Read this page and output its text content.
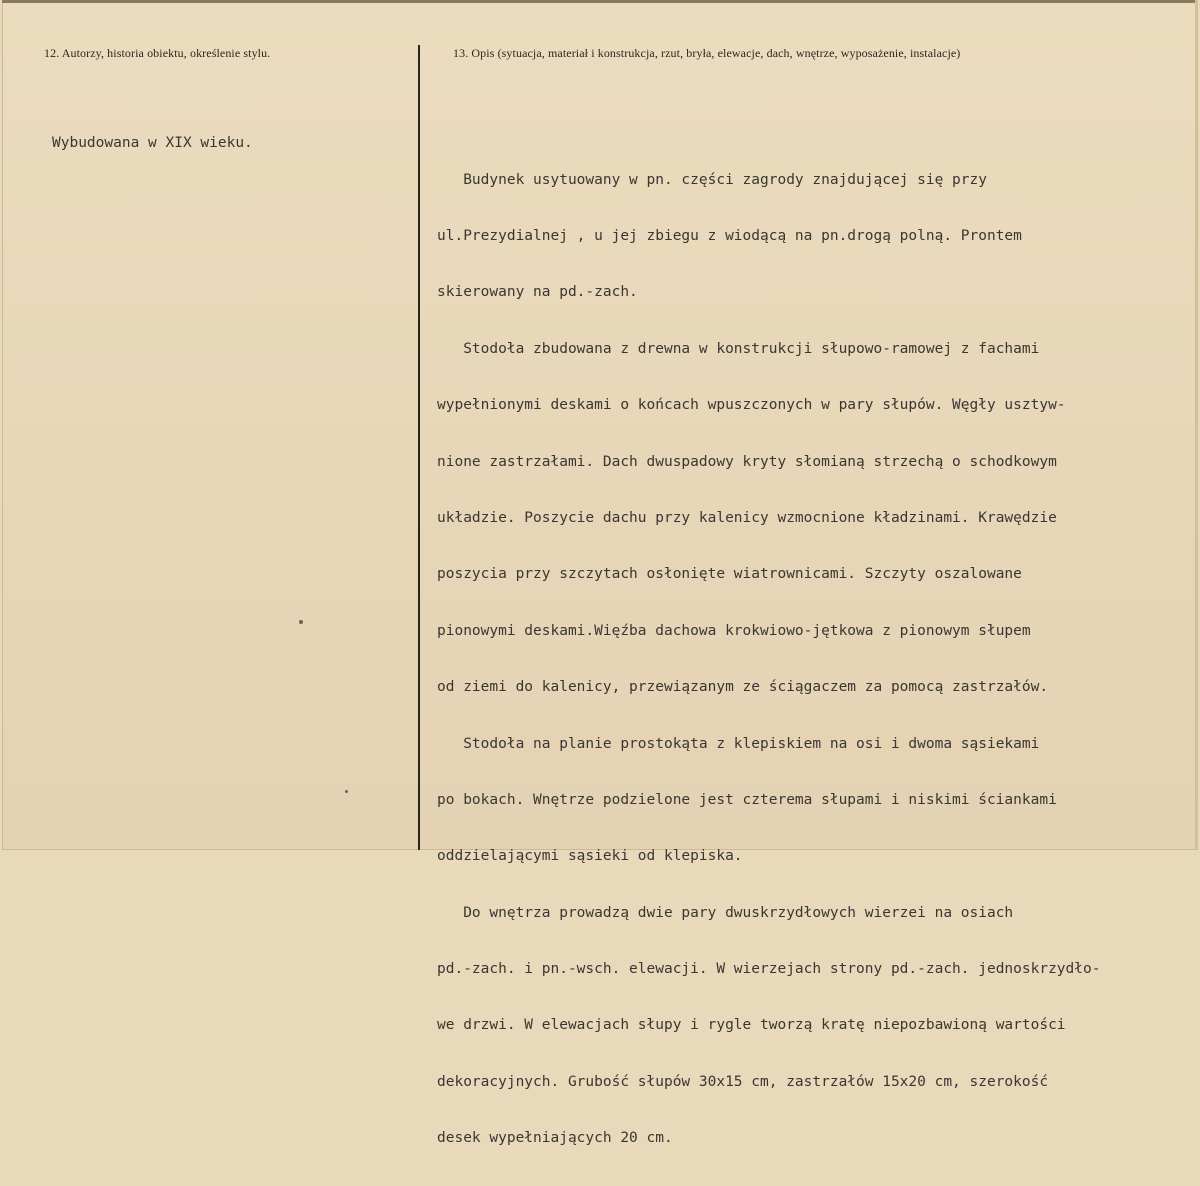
12. Autorzy, historia obiektu, określenie stylu.	13. Opis (sytuacja, materiał i konstrukcja, rzut, bryła, elewacje, dach, wnętrze, wyposażenie, instalacje)
Wybudowana w XIX wieku.

Budynek usytuowany w pn. części zagrody znajdującej się przy

ul.Prezydialnej , u jej zbiegu z wiodącą na pn.drogą polną. Prontem

skierowany na pd.-zach.

Stodoła zbudowana z drewna w konstrukcji słupowo-ramowej z fachami

wypełnionymi deskami o końcach wpuszczonych w pary słupów. Węgły usztyw-

nione zastrzałami. Dach dwuspadowy kryty słomianą strzechą o schodkowym

układzie. Poszycie dachu przy kalenicy wzmocnione kładzinami. Krawędzie

poszycia przy szczytach osłonięte wiatrownicami. Szczyty oszalowane

pionowymi deskami.Więźba dachowa krokwiowo-jętkowa z pionowym słupem

od ziemi do kalenicy, przewiązanym ze ściągaczem za pomocą zastrzałów.

Stodoła na planie prostokąta z klepiskiem na osi i dwoma sąsiekami

po bokach. Wnętrze podzielone jest czterema słupami i niskimi ściankami

oddzielającymi sąsieki od klepiska.

Do wnętrza prowadzą dwie pary dwuskrzydłowych wierzei na osiach

pd.-zach. i pn.-wsch. elewacji. W wierzejach strony pd.-zach. jednoskrzydło-

we drzwi. W elewacjach słupy i rygle tworzą kratę niepozbawioną wartości

dekoracyjnych. Grubość słupów 30x15 cm, zastrzałów 15x20 cm, szerokość

desek wypełniających 20 cm.
